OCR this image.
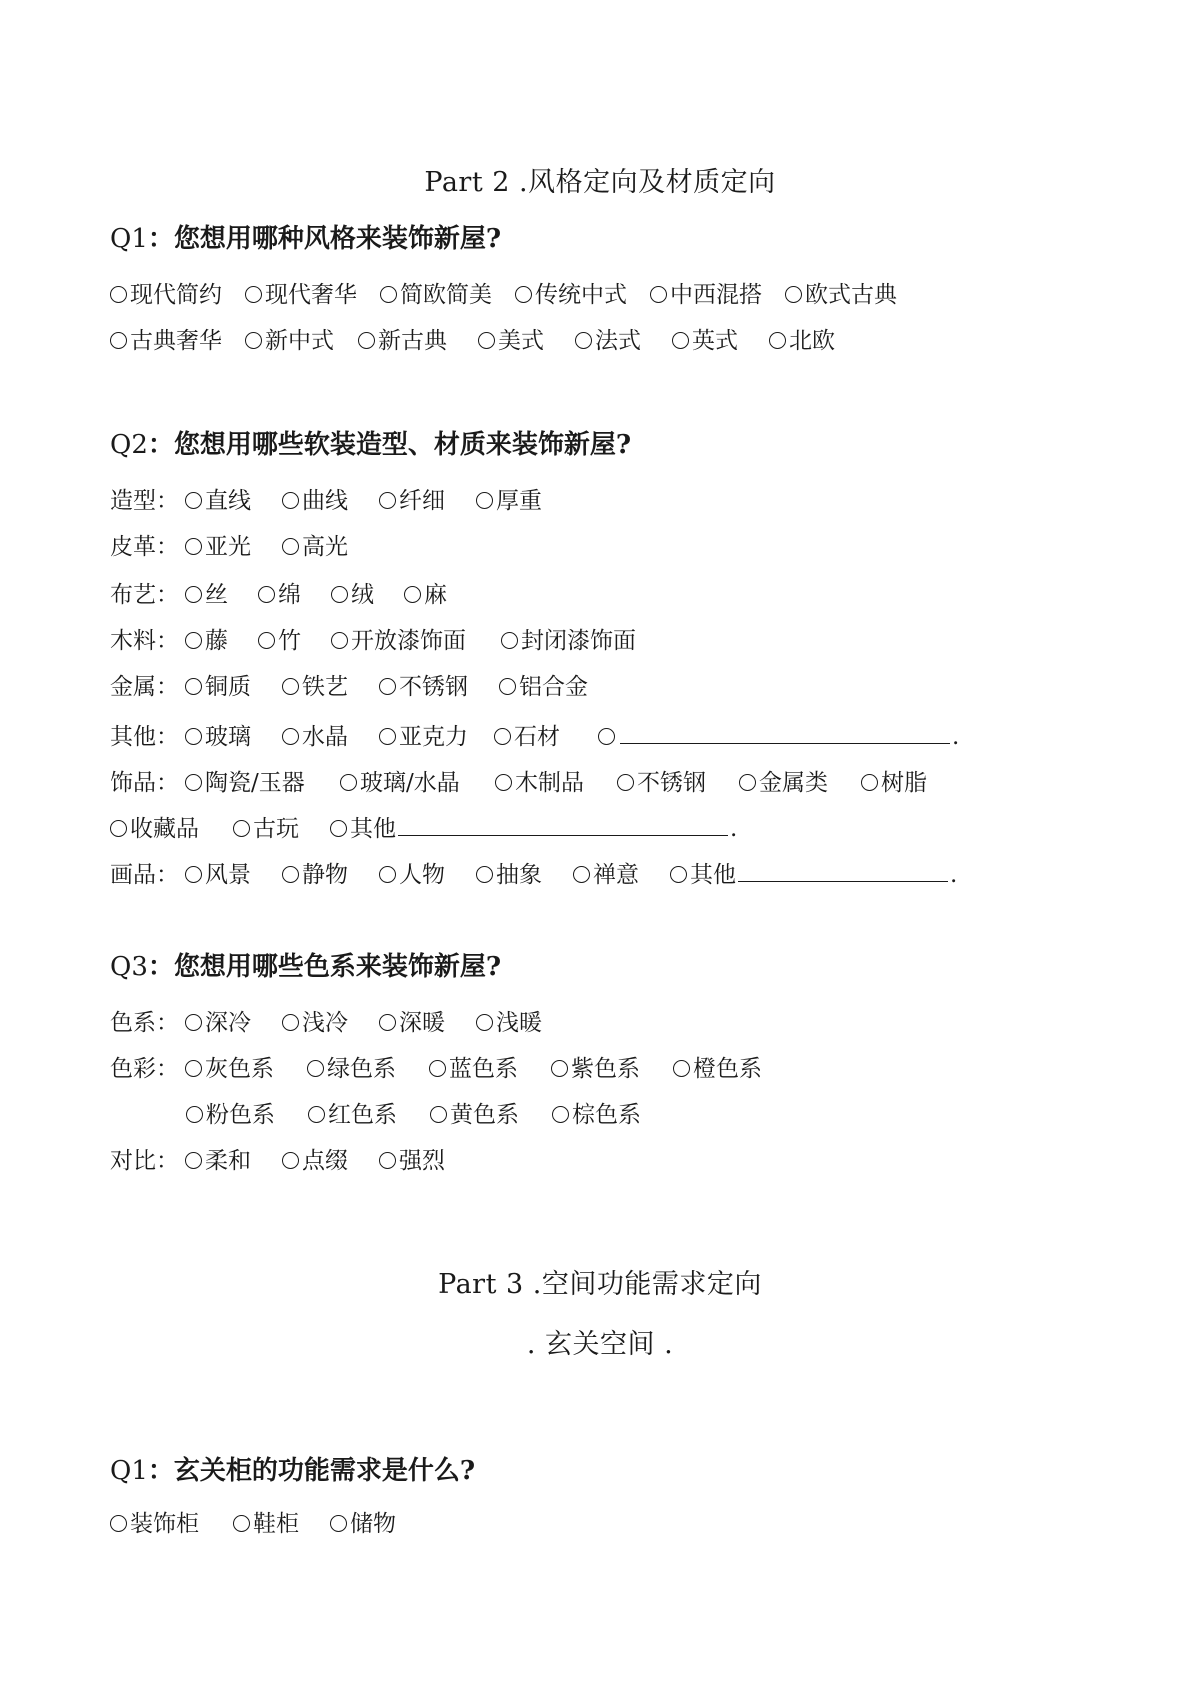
Part 2 .风格定向及材质定向
Q1：您想用哪种风格来装饰新屋?
现代简约 现代奢华 简欧简美 传统中式 中西混搭 欧式古典
古典奢华 新中式 新古典 美式 法式 英式 北欧
Q2：您想用哪些软装造型、材质来装饰新屋?
造型： 直线 曲线 纤细 厚重
皮革： 亚光 高光
布艺： 丝 绵 绒 麻
木料： 藤 竹 开放漆饰面 封闭漆饰面
金属： 铜质 铁艺 不锈钢 铝合金
其他： 玻璃 水晶 亚克力 石材	.
饰品： 陶瓷/玉器 玻璃/水晶 木制品 不锈钢 金属类 树脂
收藏品 古玩 其他	.
画品： 风景 静物 人物 抽象 禅意 其他	.
Q3：您想用哪些色系来装饰新屋?
色系： 深冷 浅冷 深暖 浅暖
色彩： 灰色系 绿色系 蓝色系 紫色系 橙色系
粉色系 红色系 黄色系 棕色系
对比： 柔和 点缀 强烈
Part 3 .空间功能需求定向
. 玄关空间 .
Q1：玄关柜的功能需求是什么?
装饰柜 鞋柜 储物
